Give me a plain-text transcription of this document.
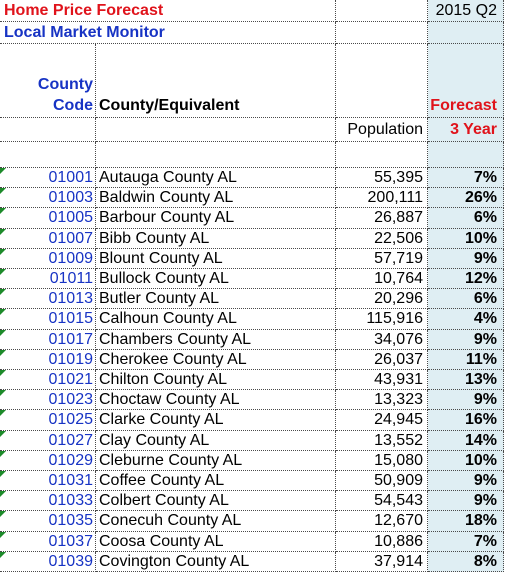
Home Price Forecast	2015 Q2
Local Market Monitor
County
Code County/Equivalent	Forecast
Population 3 Year
01001 Autauga County AL	55,395	7%
01003 Baldwin County AL	200,111	26%
01005 Barbour County AL	26,887	6%
01007 Bibb County AL	22,506	10%
01009 Blount County AL	57,719	9%
01011 Bullock County AL	10,764	12%
01013 Butler County AL	20,296	6%
01015 Calhoun County AL	115,916	4%
01017 Chambers County AL	34,076	9%
01019 Cherokee County AL	26,037	11%
01021 Chilton County AL	43,931	13%
01023 Choctaw County AL	13,323	9%
01025 Clarke County AL	24,945	16%
01027 Clay County AL	13,552	14%
01029 Cleburne County AL	15,080	10%
01031 Coffee County AL	50,909	9%
01033 Colbert County AL	54,543	9%
01035 Conecuh County AL	12,670	18%
01037 Coosa County AL	10,886	7%
01039 Covington County AL	37,914	8%
